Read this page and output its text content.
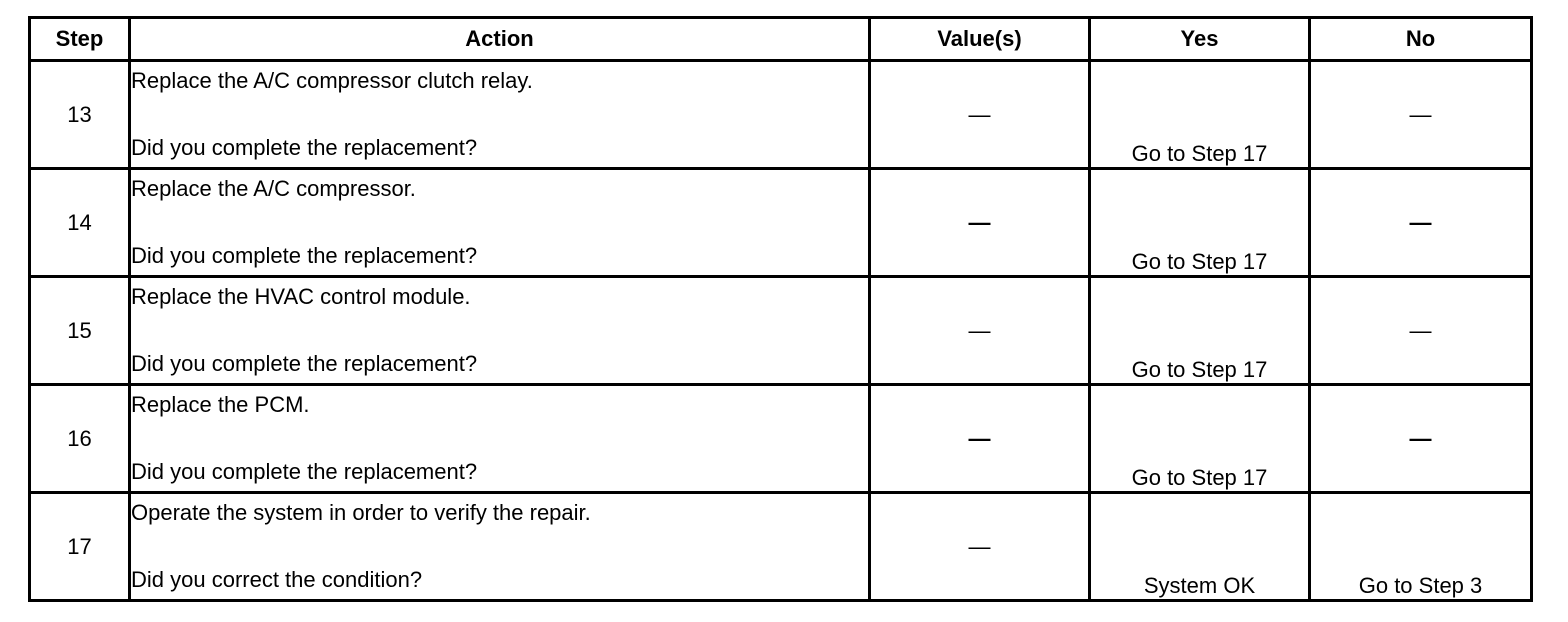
Step	Action	Value(s)	Yes	No
13	Replace the A/C compressor clutch relay.
Did you complete the replacement?	—	Go to Step 17	—
14	Replace the A/C compressor.
Did you complete the replacement?	—	Go to Step 17	—
15	Replace the HVAC control module.
Did you complete the replacement?	—	Go to Step 17	—
16	Replace the PCM.
Did you complete the replacement?	—	Go to Step 17	—
17	Operate the system in order to verify the repair.
Did you correct the condition?	—	System OK	Go to Step 3
